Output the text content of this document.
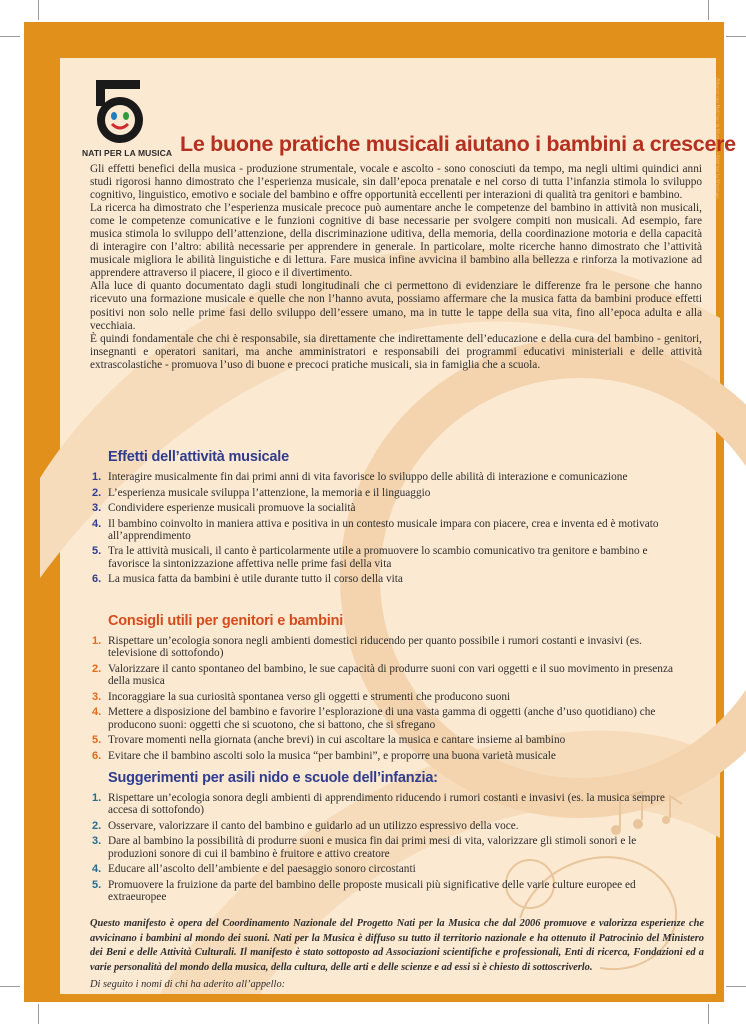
NATI PER LA MUSICA	Attacco per Nati per la Musica® • Nati per la Musica®
Le buone pratiche musicali aiutano i bambini a crescere

Gli effetti benefici della musica - produzione strumentale, vocale e ascolto - sono conosciuti da tempo, ma negli ultimi quindici anni studi rigorosi hanno dimostrato che l’esperienza musicale, sin dall’epoca prenatale e nel corso di tutta l’infanzia stimola lo sviluppo cognitivo, linguistico, emotivo e sociale del bambino e offre opportunità eccellenti per interazioni di qualità tra genitori e bambino.

La ricerca ha dimostrato che l’esperienza musicale precoce può aumentare anche le competenze del bambino in attività non musicali, come le competenze comunicative e le funzioni cognitive di base necessarie per svolgere compiti non musicali. Ad esempio, fare musica stimola lo sviluppo dell’attenzione, della discriminazione uditiva, della memoria, della coordinazione motoria e della capacità di interagire con l’altro: abilità necessarie per apprendere in generale. In particolare, molte ricerche hanno dimostrato che l’attività musicale migliora le abilità linguistiche e di lettura. Fare musica infine avvicina il bambino alla bellezza e rinforza la motivazione ad apprendere attraverso il piacere, il gioco e il divertimento.

Alla luce di quanto documentato dagli studi longitudinali che ci permettono di evidenziare le differenze fra le persone che hanno ricevuto una formazione musicale e quelle che non l’hanno avuta, possiamo affermare che la musica fatta da bambini produce effetti positivi non solo nelle prime fasi dello sviluppo dell’essere umano, ma in tutte le tappe della sua vita, fino all’epoca adulta e alla vecchiaia.

È quindi fondamentale che chi è responsabile, sia direttamente che indirettamente dell’educazione e della cura del bambino - genitori, insegnanti e operatori sanitari, ma anche amministratori e responsabili dei programmi educativi ministeriali e delle attività extrascolastiche - promuova l’uso di buone e precoci pratiche musicali, sia in famiglia che a scuola.

Effetti dell’attività musicale
1. Interagire musicalmente fin dai primi anni di vita favorisce lo sviluppo delle abilità di interazione e comunicazione
2. L’esperienza musicale sviluppa l’attenzione, la memoria e il linguaggio
3. Condividere esperienze musicali promuove la socialità
4. Il bambino coinvolto in maniera attiva e positiva in un contesto musicale impara con piacere, crea e inventa ed è motivato all’apprendimento
5. Tra le attività musicali, il canto è particolarmente utile a promuovere lo scambio comunicativo tra genitore e bambino e favorisce la sintonizzazione affettiva nelle prime fasi della vita
6. La musica fatta da bambini è utile durante tutto il corso della vita
Consigli utili per genitori e bambini
1. Rispettare un’ecologia sonora negli ambienti domestici riducendo per quanto possibile i rumori costanti e invasivi (es. televisione di sottofondo)
2. Valorizzare il canto spontaneo del bambino, le sue capacità di produrre suoni con vari oggetti e il suo movimento in presenza della musica
3. Incoraggiare la sua curiosità spontanea verso gli oggetti e strumenti che producono suoni
4. Mettere a disposizione del bambino e favorire l’esplorazione di una vasta gamma di oggetti (anche d’uso quotidiano) che producono suoni: oggetti che si scuotono, che si battono, che si sfregano
5. Trovare momenti nella giornata (anche brevi) in cui ascoltare la musica e cantare insieme al bambino
6. Evitare che il bambino ascolti solo la musica “per bambini”, e proporre una buona varietà musicale
Suggerimenti per asili nido e scuole dell’infanzia:
1. Rispettare un’ecologia sonora degli ambienti di apprendimento riducendo i rumori costanti e invasivi (es. la musica sempre accesa di sottofondo)
2. Osservare, valorizzare il canto del bambino e guidarlo ad un utilizzo espressivo della voce.
3. Dare al bambino la possibilità di produrre suoni e musica fin dai primi mesi di vita, valorizzare gli stimoli sonori e le produzioni sonore di cui il bambino è fruitore e attivo creatore
4. Educare all’ascolto dell’ambiente e del paesaggio sonoro circostanti
5. Promuovere la fruizione da parte del bambino delle proposte musicali più significative delle varie culture europee ed extraeuropee
Questo manifesto è opera del Coordinamento Nazionale del Progetto Nati per la Musica che dal 2006 promuove e valorizza esperienze che avvicinano i bambini al mondo dei suoni. Nati per la Musica è diffuso su tutto il territorio nazionale e ha ottenuto il Patrocinio del Ministero dei Beni e delle Attività Culturali. Il manifesto è stato sottoposto ad Associazioni scientifiche e professionali, Enti di ricerca, Fondazioni ed a varie personalità del mondo della musica, della cultura, delle arti e delle scienze e ad essi si è chiesto di sottoscriverlo.
Di seguito i nomi di chi ha aderito all’appello:
